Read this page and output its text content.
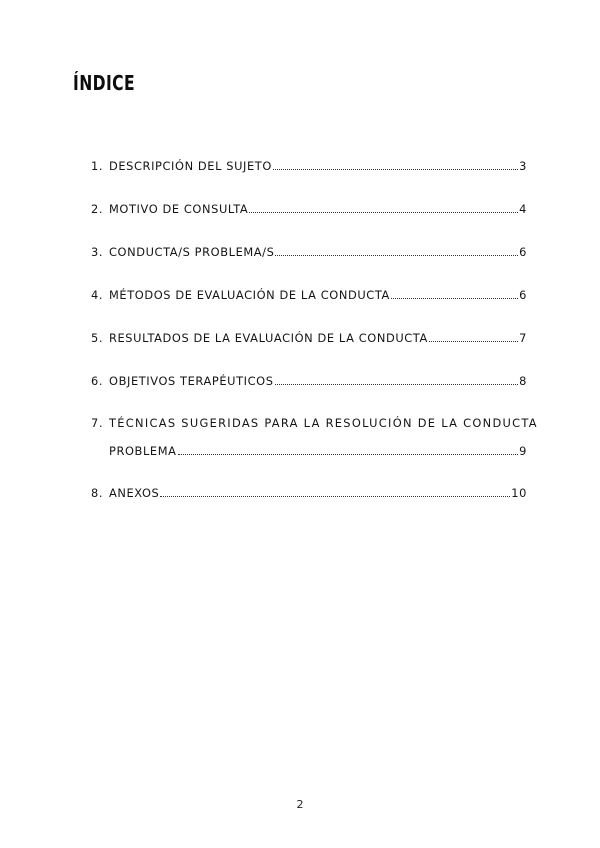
ÍNDICE
1. DESCRIPCIÓN DEL SUJETO	3
2. MOTIVO DE CONSULTA	4
3. CONDUCTA/S PROBLEMA/S	6
4. MÉTODOS DE EVALUACIÓN DE LA CONDUCTA	6
5. RESULTADOS DE LA EVALUACIÓN DE LA CONDUCTA	7
6. OBJETIVOS TERAPÉUTICOS	8
7. TÉCNICAS SUGERIDAS PARA LA RESOLUCIÓN DE LA CONDUCTA
PROBLEMA	9
8. ANEXOS	10
2
